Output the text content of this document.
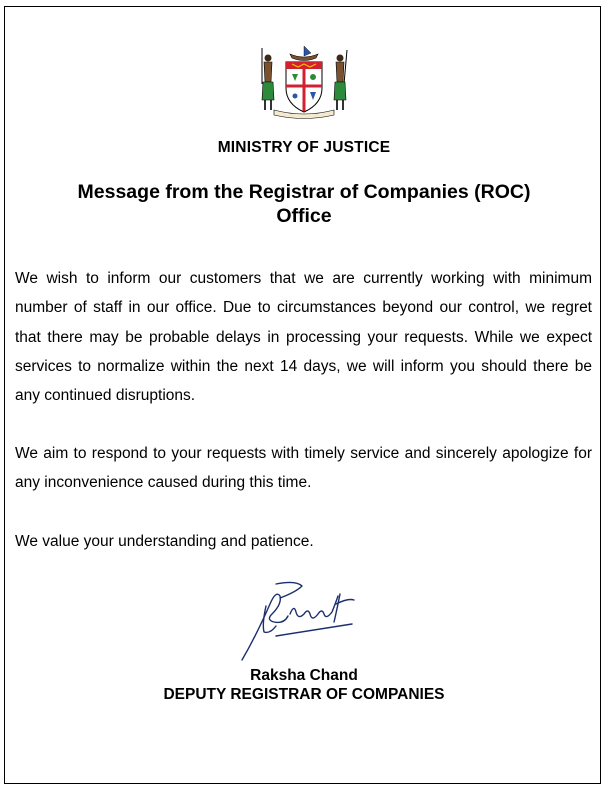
MINISTRY OF JUSTICE
Message from the Registrar of Companies (ROC)
Office

We wish to inform our customers that we are currently working with minimum number of staff in our office. Due to circumstances beyond our control, we regret that there may be probable delays in processing your requests. While we expect services to normalize within the next 14 days, we will inform you should there be any continued disruptions.

We aim to respond to your requests with timely service and sincerely apologize for any inconvenience caused during this time.

We value your understanding and patience.

Raksha Chand
DEPUTY REGISTRAR OF COMPANIES
